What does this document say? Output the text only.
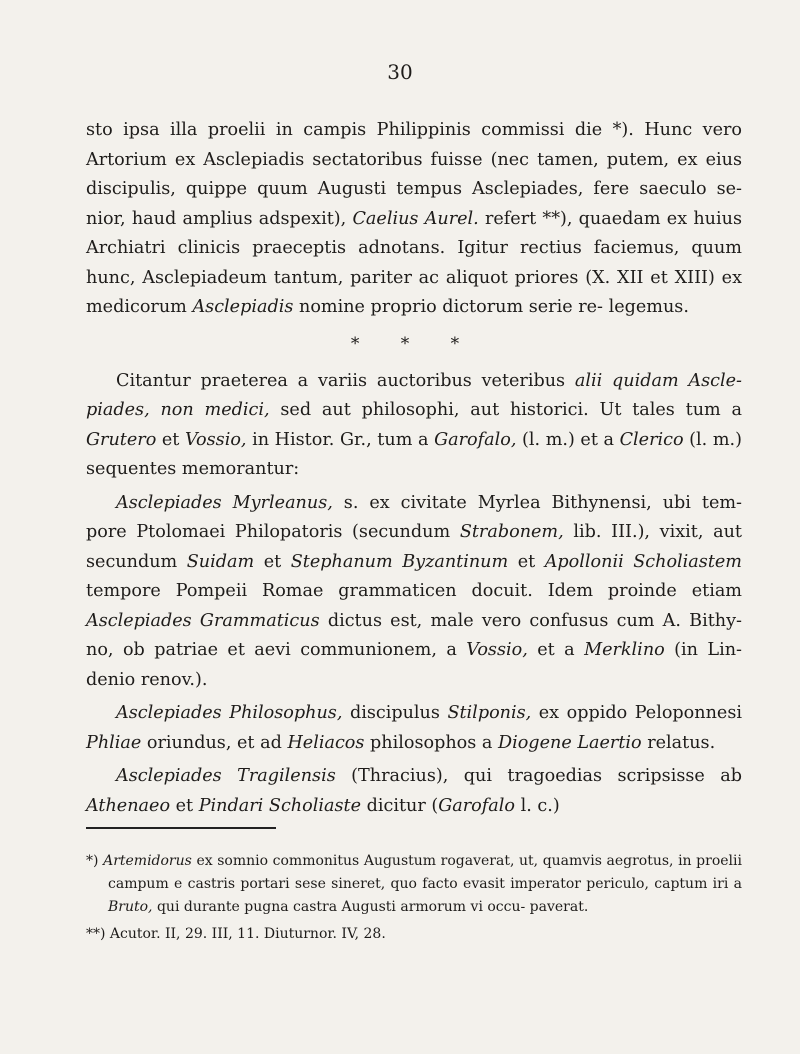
30

sto ipsa illa proelii in campis Philippinis commissi die *). Hunc vero Artorium ex Asclepiadis sectatoribus fuisse (nec tamen, putem, ex eius discipulis, quippe quum Augusti tempus Asclepiades, fere saeculo se- nior, haud amplius adspexit), Caelius Aurel. refert **), quaedam ex huius Archiatri clinicis praeceptis adnotans. Igitur rectius faciemus, quum hunc, Asclepiadeum tantum, pariter ac aliquot priores (X. XII et XIII) ex medicorum Asclepiadis nomine proprio dictorum serie re- legemus.

* * *

Citantur praeterea a variis auctoribus veteribus alii quidam Ascle- piades, non medici, sed aut philosophi, aut historici. Ut tales tum a Grutero et Vossio, in Histor. Gr., tum a Garofalo, (l. m.) et a Clerico (l. m.) sequentes memorantur:

Asclepiades Myrleanus, s. ex civitate Myrlea Bithynensi, ubi tem- pore Ptolomaei Philopatoris (secundum Strabonem, lib. III.), vixit, aut secundum Suidam et Stephanum Byzantinum et Apollonii Scholiastem tempore Pompeii Romae grammaticen docuit. Idem proinde etiam Asclepiades Grammaticus dictus est, male vero confusus cum A. Bithy- no, ob patriae et aevi communionem, a Vossio, et a Merklino (in Lin- denio renov.).

Asclepiades Philosophus, discipulus Stilponis, ex oppido Peloponnesi Phliae oriundus, et ad Heliacos philosophos a Diogene Laertio relatus.

Asclepiades Tragilensis (Thracius), qui tragoedias scripsisse ab Athenaeo et Pindari Scholiaste dicitur (Garofalo l. c.)

*) Artemidorus ex somnio commonitus Augustum rogaverat, ut, quamvis aegrotus, in proelii campum e castris portari sese sineret, quo facto evasit imperator periculo, captum iri a Bruto, qui durante pugna castra Augusti armorum vi occu- paverat.

**) Acutor. II, 29. III, 11. Diuturnor. IV, 28.
